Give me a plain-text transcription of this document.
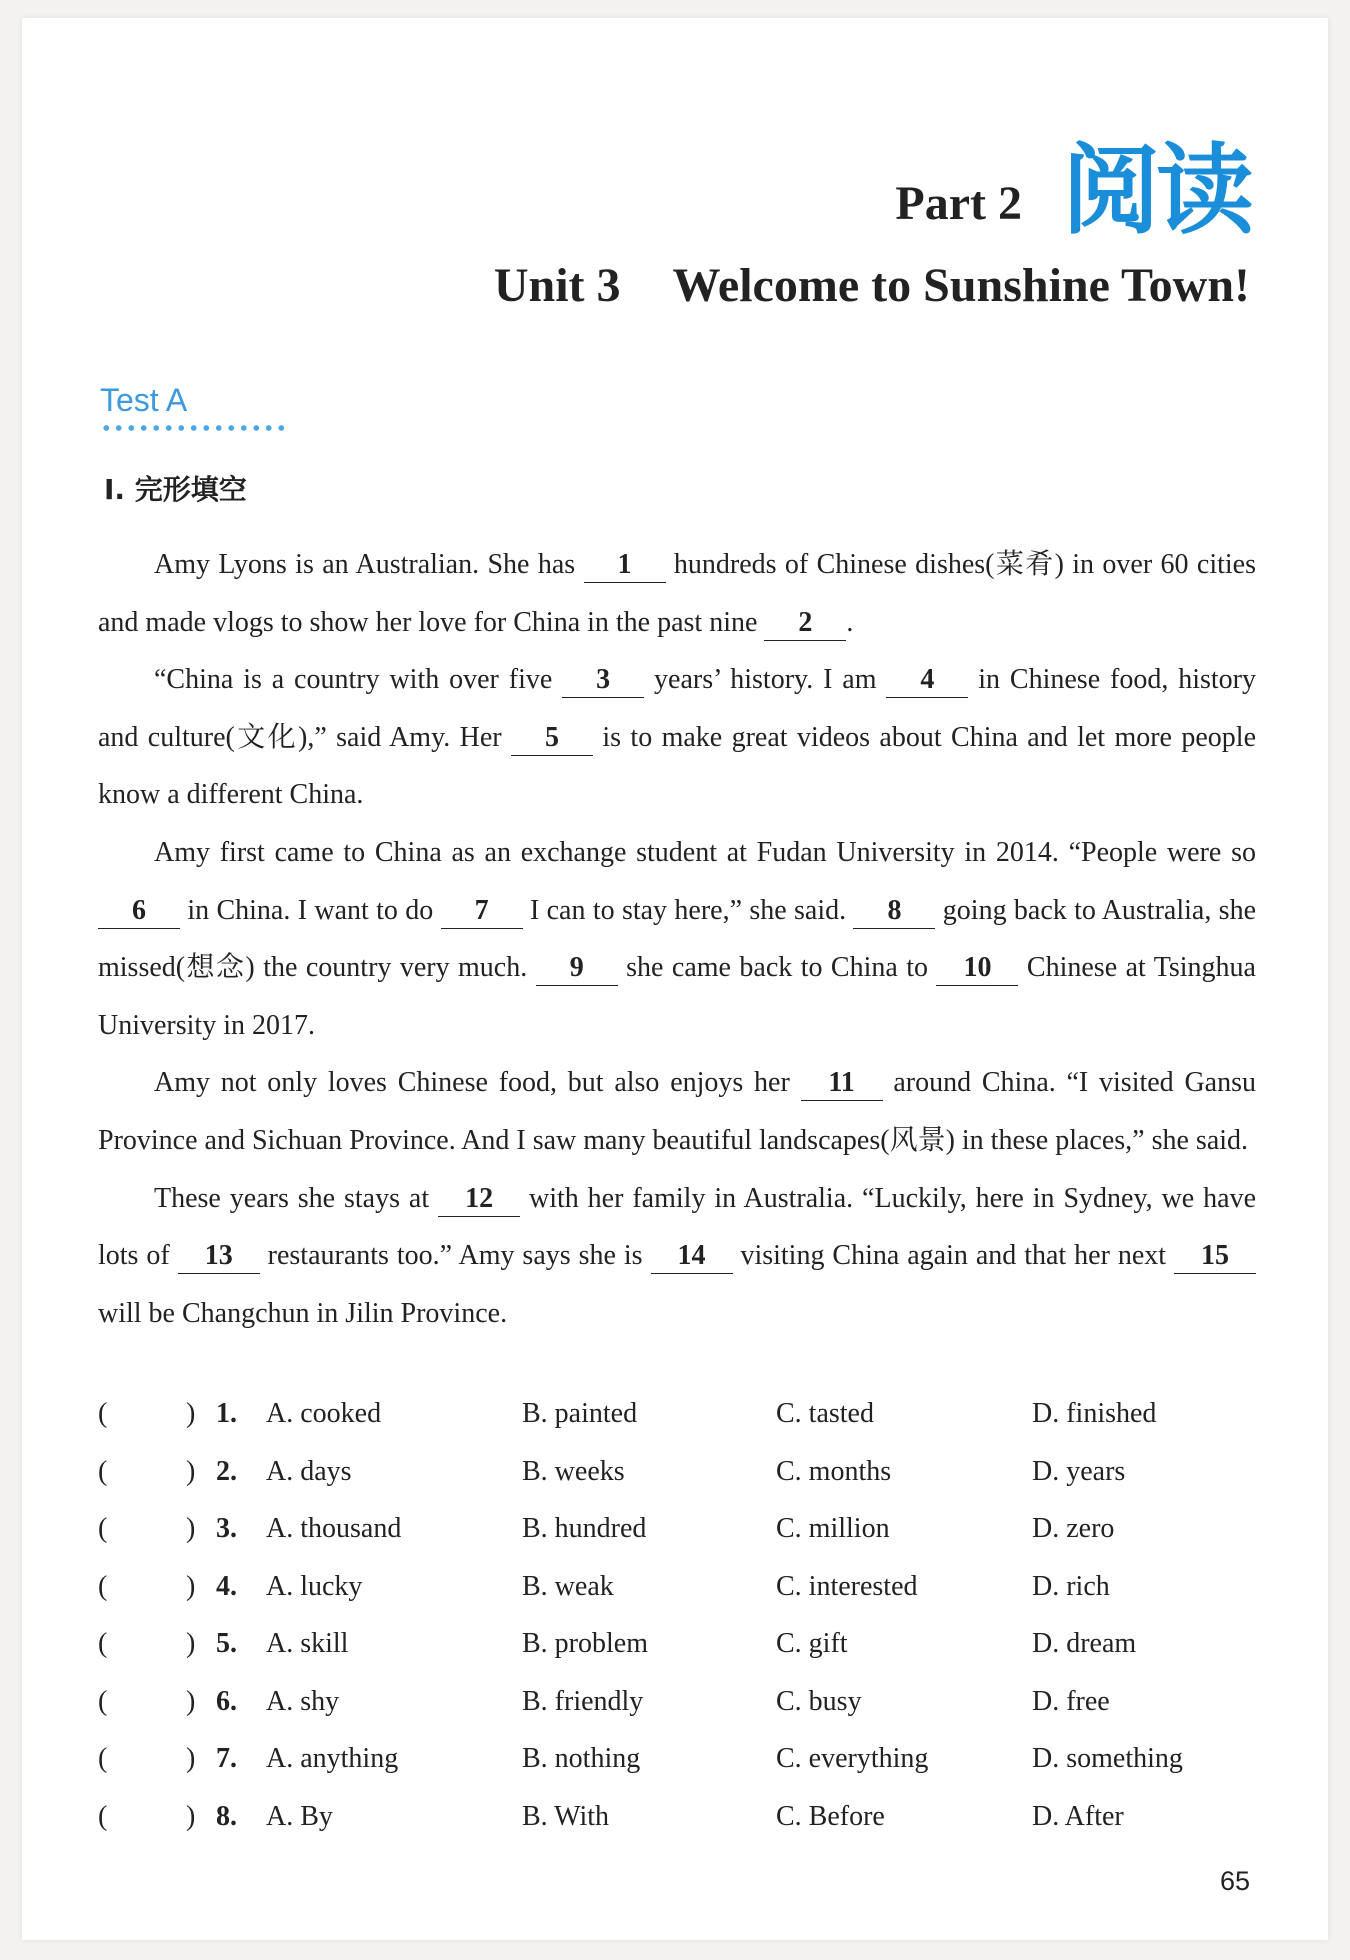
Part 2 阅读
Unit 3 Welcome to Sunshine Town!
Test A
Ⅰ. 完形填空

Amy Lyons is an Australian. She has 1 hundreds of Chinese dishes(菜肴) in over 60 cities and made vlogs to show her love for China in the past nine 2 .

“China is a country with over five 3 years’ history. I am 4 in Chinese food, history and culture(文化),” said Amy. Her 5 is to make great videos about China and let more people know a different China.

Amy first came to China as an exchange student at Fudan University in 2014. “People were so 6 in China. I want to do 7 I can to stay here,” she said. 8 going back to Australia, she missed(想念) the country very much. 9 she came back to China to 10 Chinese at Tsinghua University in 2017.

Amy not only loves Chinese food, but also enjoys her 11 around China. “I visited Gansu Province and Sichuan Province. And I saw many beautiful landscapes(风景) in these places,” she said.

These years she stays at 12 with her family in Australia. “Luckily, here in Sydney, we have lots of 13 restaurants too.” Amy says she is 14 visiting China again and that her next 15 will be Changchun in Jilin Province.

(	) 1. A. cooked	B. painted	C. tasted	D. finished
(	) 2. A. days	B. weeks	C. months	D. years
(	) 3. A. thousand	B. hundred	C. million	D. zero
(	) 4. A. lucky	B. weak	C. interested	D. rich
(	) 5. A. skill	B. problem	C. gift	D. dream
(	) 6. A. shy	B. friendly	C. busy	D. free
(	) 7. A. anything	B. nothing	C. everything	D. something
(	) 8. A. By	B. With	C. Before	D. After
65
